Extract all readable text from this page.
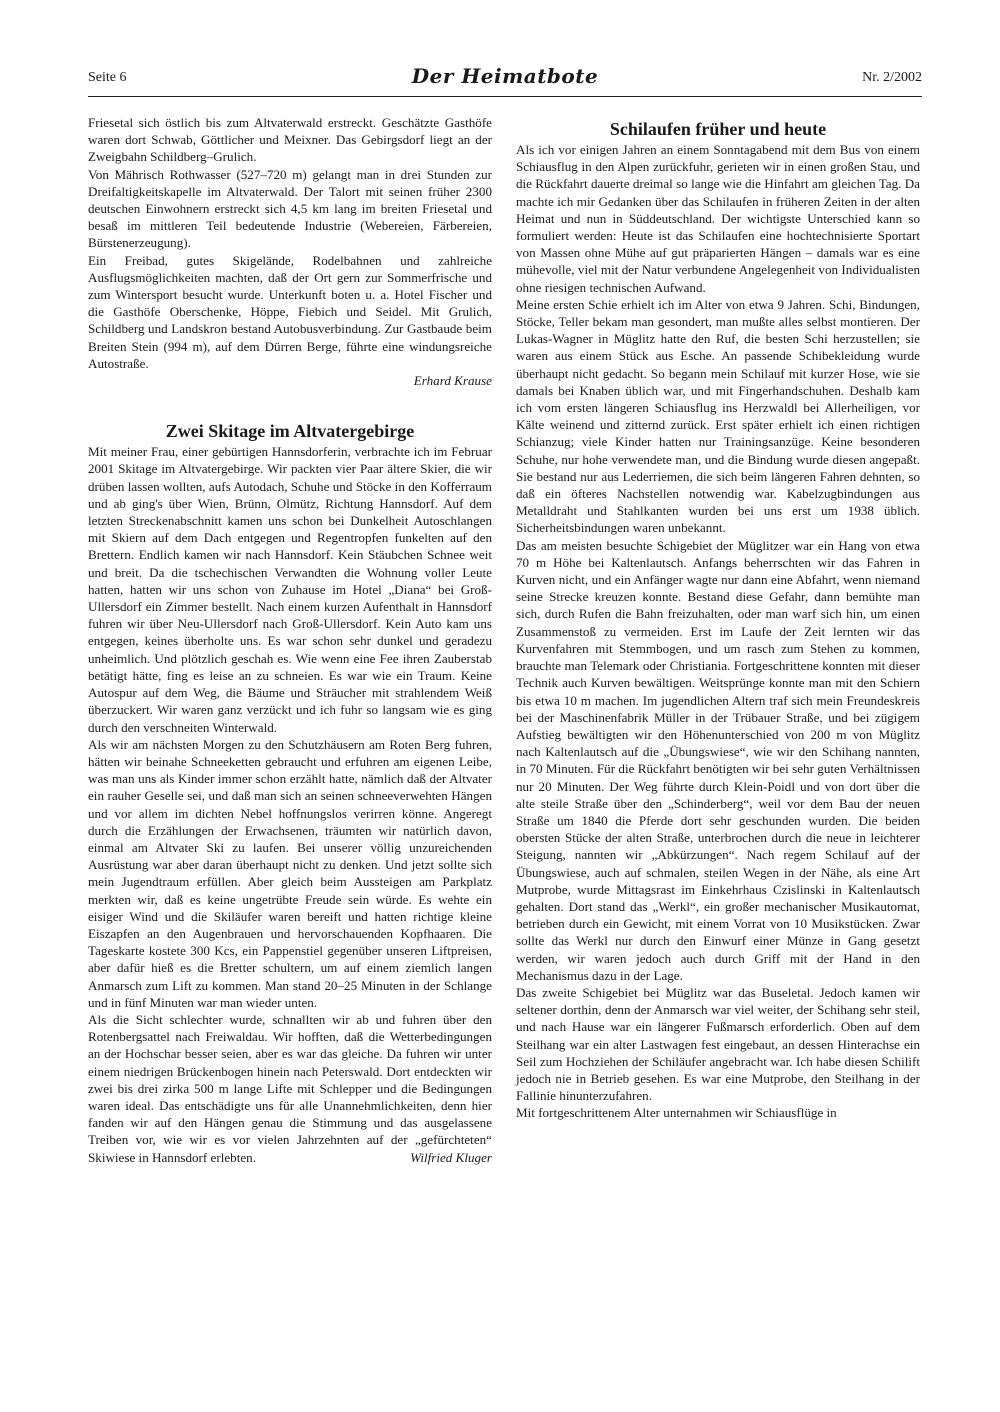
Seite 6	Der Heimatbote	Nr. 2/2002

Friesetal sich östlich bis zum Altvaterwald erstreckt. Geschätzte Gasthöfe waren dort Schwab, Göttlicher und Meixner. Das Gebirgsdorf liegt an der Zweigbahn Schildberg–Grulich.

Von Mährisch Rothwasser (527–720 m) gelangt man in drei Stunden zur Dreifaltigkeitskapelle im Altvaterwald. Der Talort mit seinen früher 2300 deutschen Einwohnern erstreckt sich 4,5 km lang im breiten Friesetal und besaß im mittleren Teil bedeutende Industrie (Webereien, Färbereien, Bürstenerzeugung).

Ein Freibad, gutes Skigelände, Rodelbahnen und zahlreiche Ausflugsmöglichkeiten machten, daß der Ort gern zur Sommerfrische und zum Wintersport besucht wurde. Unterkunft boten u. a. Hotel Fischer und die Gasthöfe Oberschenke, Höppe, Fiebich und Seidel. Mit Grulich, Schildberg und Landskron bestand Autobusverbindung. Zur Gastbaude beim Breiten Stein (994 m), auf dem Dürren Berge, führte eine windungsreiche Autostraße.

Erhard Krause

Zwei Skitage im Altvatergebirge

Mit meiner Frau, einer gebürtigen Hannsdorferin, verbrachte ich im Februar 2001 Skitage im Altvatergebirge. Wir packten vier Paar ältere Skier, die wir drüben lassen wollten, aufs Autodach, Schuhe und Stöcke in den Kofferraum und ab ging's über Wien, Brünn, Olmütz, Richtung Hannsdorf. Auf dem letzten Streckenabschnitt kamen uns schon bei Dunkelheit Autoschlangen mit Skiern auf dem Dach entgegen und Regentropfen funkelten auf den Brettern. Endlich kamen wir nach Hannsdorf. Kein Stäubchen Schnee weit und breit. Da die tschechischen Verwandten die Wohnung voller Leute hatten, hatten wir uns schon von Zuhause im Hotel „Diana“ bei Groß-Ullersdorf ein Zimmer bestellt. Nach einem kurzen Aufenthalt in Hannsdorf fuhren wir über Neu-Ullersdorf nach Groß-Ullersdorf. Kein Auto kam uns entgegen, keines überholte uns. Es war schon sehr dunkel und geradezu unheimlich. Und plötzlich geschah es. Wie wenn eine Fee ihren Zauberstab betätigt hätte, fing es leise an zu schneien. Es war wie ein Traum. Keine Autospur auf dem Weg, die Bäume und Sträucher mit strahlendem Weiß überzuckert. Wir waren ganz verzückt und ich fuhr so langsam wie es ging durch den verschneiten Winterwald.

Als wir am nächsten Morgen zu den Schutzhäusern am Roten Berg fuhren, hätten wir beinahe Schneeketten gebraucht und erfuhren am eigenen Leibe, was man uns als Kinder immer schon erzählt hatte, nämlich daß der Altvater ein rauher Geselle sei, und daß man sich an seinen schneeverwehten Hängen und vor allem im dichten Nebel hoffnungslos verirren könne. Angeregt durch die Erzählungen der Erwachsenen, träumten wir natürlich davon, einmal am Altvater Ski zu laufen. Bei unserer völlig unzureichenden Ausrüstung war aber daran überhaupt nicht zu denken. Und jetzt sollte sich mein Jugendtraum erfüllen. Aber gleich beim Aussteigen am Parkplatz merkten wir, daß es keine ungetrübte Freude sein würde. Es wehte ein eisiger Wind und die Skiläufer waren bereift und hatten richtige kleine Eiszapfen an den Augenbrauen und hervorschauenden Kopfhaaren. Die Tageskarte kostete 300 Kcs, ein Pappenstiel gegenüber unseren Liftpreisen, aber dafür hieß es die Bretter schultern, um auf einem ziemlich langen Anmarsch zum Lift zu kommen. Man stand 20–25 Minuten in der Schlange und in fünf Minuten war man wieder unten.

Als die Sicht schlechter wurde, schnallten wir ab und fuhren über den Rotenbergsattel nach Freiwaldau. Wir hofften, daß die Wetterbedingungen an der Hochschar besser seien, aber es war das gleiche. Da fuhren wir unter einem niedrigen Brückenbogen hinein nach Peterswald. Dort entdeckten wir zwei bis drei zirka 500 m lange Lifte mit Schlepper und die Bedingungen waren ideal. Das entschädigte uns für alle Unannehmlichkeiten, denn hier fanden wir auf den Hängen genau die Stimmung und das ausgelassene Treiben vor, wie wir es vor vielen Jahrzehnten auf der „gefürchteten“ Skiwiese in Hannsdorf erlebten.	Wilfried Kluger

Schilaufen früher und heute

Als ich vor einigen Jahren an einem Sonntagabend mit dem Bus von einem Schiausflug in den Alpen zurückfuhr, gerieten wir in einen großen Stau, und die Rückfahrt dauerte dreimal so lange wie die Hinfahrt am gleichen Tag. Da machte ich mir Gedanken über das Schilaufen in früheren Zeiten in der alten Heimat und nun in Süddeutschland. Der wichtigste Unterschied kann so formuliert werden: Heute ist das Schilaufen eine hochtechnisierte Sportart von Massen ohne Mühe auf gut präparierten Hängen – damals war es eine mühevolle, viel mit der Natur verbundene Angelegenheit von Individualisten ohne riesigen technischen Aufwand.

Meine ersten Schie erhielt ich im Alter von etwa 9 Jahren. Schi, Bindungen, Stöcke, Teller bekam man gesondert, man mußte alles selbst montieren. Der Lukas-Wagner in Müglitz hatte den Ruf, die besten Schi herzustellen; sie waren aus einem Stück aus Esche. An passende Schibekleidung wurde überhaupt nicht gedacht. So begann mein Schilauf mit kurzer Hose, wie sie damals bei Knaben üblich war, und mit Fingerhandschuhen. Deshalb kam ich vom ersten längeren Schiausflug ins Herzwaldl bei Allerheiligen, vor Kälte weinend und zitternd zurück. Erst später erhielt ich einen richtigen Schianzug; viele Kinder hatten nur Trainingsanzüge. Keine besonderen Schuhe, nur hohe verwendete man, und die Bindung wurde diesen angepaßt. Sie bestand nur aus Lederriemen, die sich beim längeren Fahren dehnten, so daß ein öfteres Nachstellen notwendig war. Kabelzugbindungen aus Metalldraht und Stahlkanten wurden bei uns erst um 1938 üblich. Sicherheitsbindungen waren unbekannt.

Das am meisten besuchte Schigebiet der Müglitzer war ein Hang von etwa 70 m Höhe bei Kaltenlautsch. Anfangs beherrschten wir das Fahren in Kurven nicht, und ein Anfänger wagte nur dann eine Abfahrt, wenn niemand seine Strecke kreuzen konnte. Bestand diese Gefahr, dann bemühte man sich, durch Rufen die Bahn freizuhalten, oder man warf sich hin, um einen Zusammenstoß zu vermeiden. Erst im Laufe der Zeit lernten wir das Kurvenfahren mit Stemmbogen, und um rasch zum Stehen zu kommen, brauchte man Telemark oder Christiania. Fortgeschrittene konnten mit dieser Technik auch Kurven bewältigen. Weitsprünge konnte man mit den Schiern bis etwa 10 m machen. Im jugendlichen Altern traf sich mein Freundeskreis bei der Maschinenfabrik Müller in der Trübauer Straße, und bei zügigem Aufstieg bewältigten wir den Höhenunterschied von 200 m von Müglitz nach Kaltenlautsch auf die „Übungswiese“, wie wir den Schihang nannten, in 70 Minuten. Für die Rückfahrt benötigten wir bei sehr guten Verhältnissen nur 20 Minuten. Der Weg führte durch Klein-Poidl und von dort über die alte steile Straße über den „Schinderberg“, weil vor dem Bau der neuen Straße um 1840 die Pferde dort sehr geschunden wurden. Die beiden obersten Stücke der alten Straße, unterbrochen durch die neue in leichterer Steigung, nannten wir „Abkürzungen“. Nach regem Schilauf auf der Übungswiese, auch auf schmalen, steilen Wegen in der Nähe, als eine Art Mutprobe, wurde Mittagsrast im Einkehrhaus Czislinski in Kaltenlautsch gehalten. Dort stand das „Werkl“, ein großer mechanischer Musikautomat, betrieben durch ein Gewicht, mit einem Vorrat von 10 Musikstücken. Zwar sollte das Werkl nur durch den Einwurf einer Münze in Gang gesetzt werden, wir waren jedoch auch durch Griff mit der Hand in den Mechanismus dazu in der Lage.

Das zweite Schigebiet bei Müglitz war das Buseletal. Jedoch kamen wir seltener dorthin, denn der Anmarsch war viel weiter, der Schihang sehr steil, und nach Hause war ein längerer Fußmarsch erforderlich. Oben auf dem Steilhang war ein alter Lastwagen fest eingebaut, an dessen Hinterachse ein Seil zum Hochziehen der Schiläufer angebracht war. Ich habe diesen Schilift jedoch nie in Betrieb gesehen. Es war eine Mutprobe, den Steilhang in der Fallinie hinunterzufahren.

Mit fortgeschrittenem Alter unternahmen wir Schiausflüge in
